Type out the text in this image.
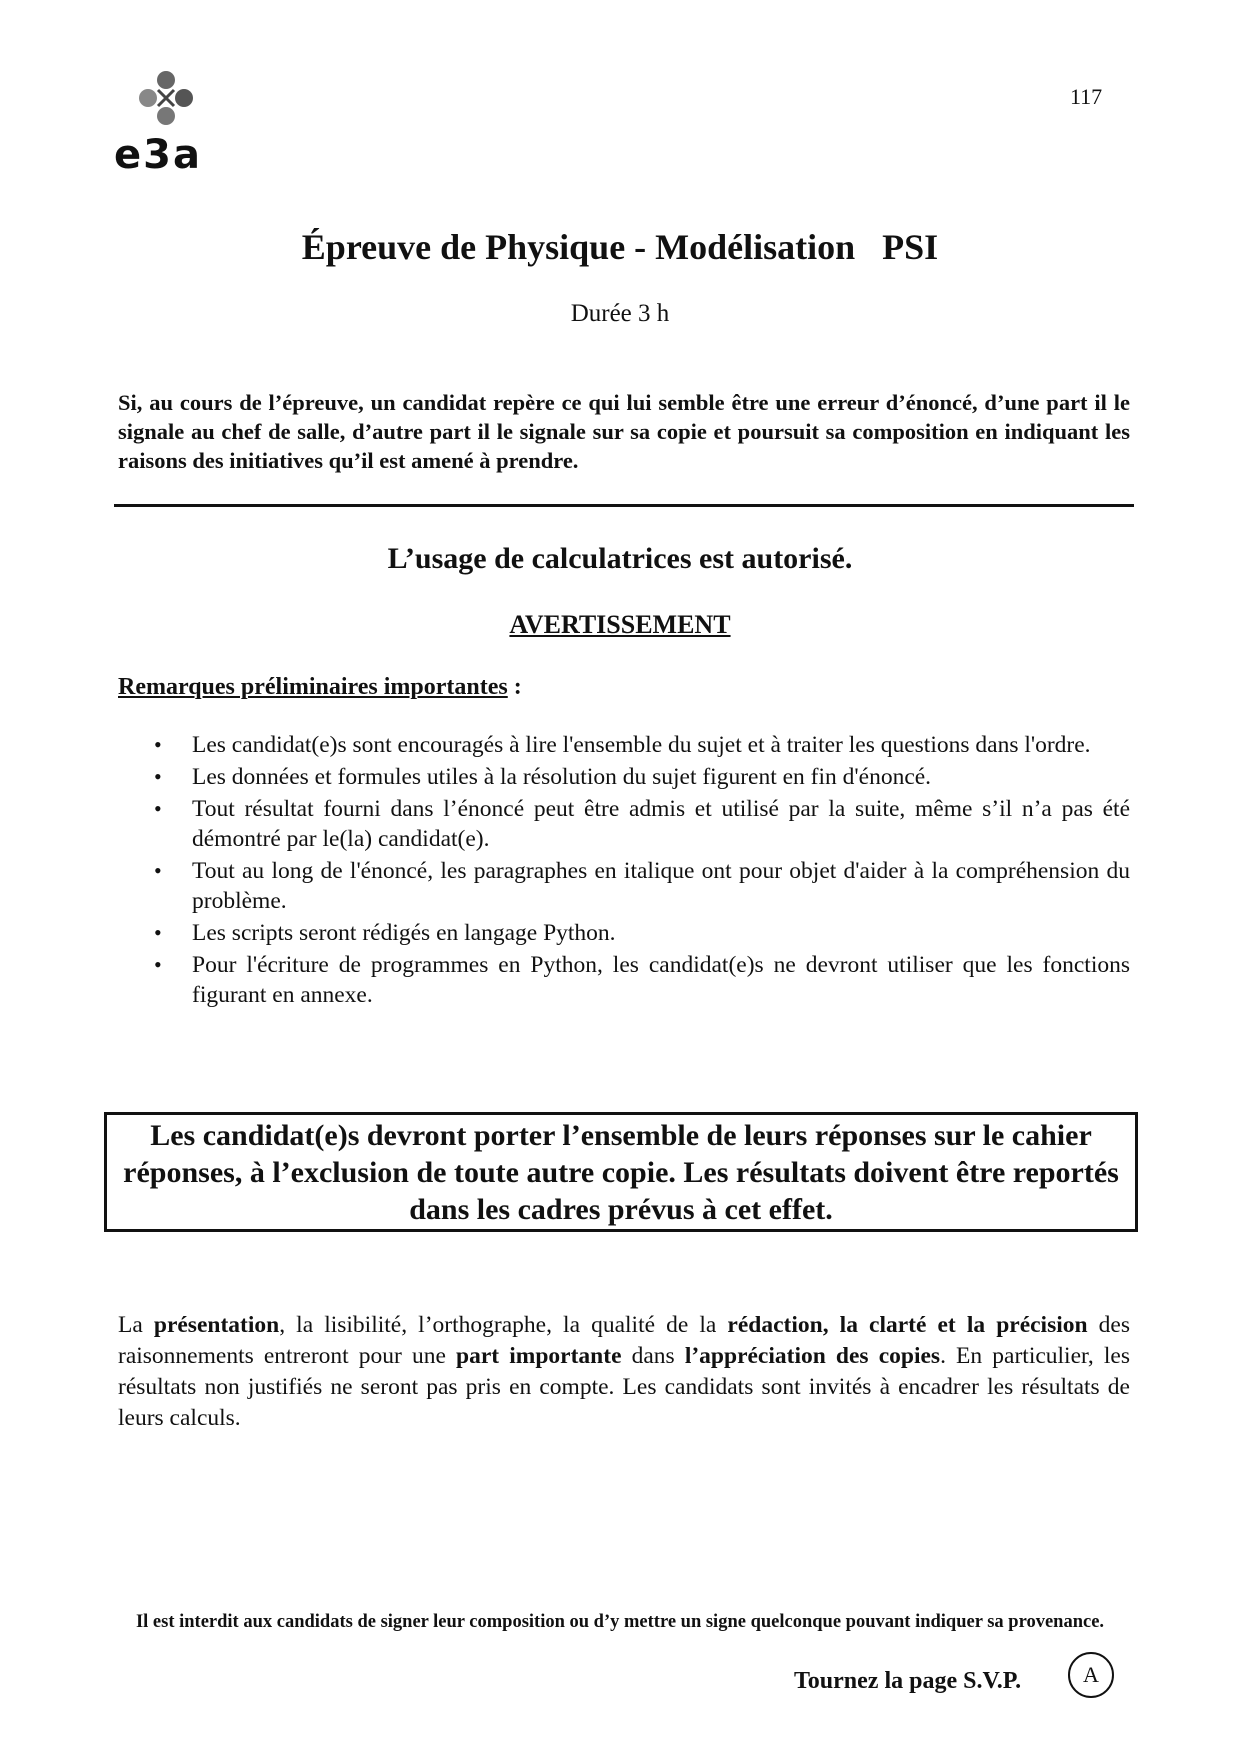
e3a
117
Épreuve de Physique - Modélisation   PSI
Durée 3 h
Si, au cours de l’épreuve, un candidat repère ce qui lui semble être une erreur d’énoncé, d’une part il le signale au chef de salle, d’autre part il le signale sur sa copie et poursuit sa composition en indiquant les raisons des initiatives qu’il est amené à prendre.
L’usage de calculatrices est autorisé.
AVERTISSEMENT
Remarques préliminaires importantes :
• Les candidat(e)s sont encouragés à lire l'ensemble du sujet et à traiter les questions dans l'ordre.
• Les données et formules utiles à la résolution du sujet figurent en fin d'énoncé.
• Tout résultat fourni dans l’énoncé peut être admis et utilisé par la suite, même s’il n’a pas été démontré par le(la) candidat(e).
• Tout au long de l'énoncé, les paragraphes en italique ont pour objet d'aider à la compréhension du problème.
• Les scripts seront rédigés en langage Python.
• Pour l'écriture de programmes en Python, les candidat(e)s ne devront utiliser que les fonctions figurant en annexe.
Les candidat(e)s devront porter l’ensemble de leurs réponses sur le cahier réponses, à l’exclusion de toute autre copie. Les résultats doivent être reportés dans les cadres prévus à cet effet.
La présentation, la lisibilité, l’orthographe, la qualité de la rédaction, la clarté et la précision des raisonnements entreront pour une part importante dans l’appréciation des copies. En particulier, les résultats non justifiés ne seront pas pris en compte. Les candidats sont invités à encadrer les résultats de leurs calculs.
Il est interdit aux candidats de signer leur composition ou d’y mettre un signe quelconque pouvant indiquer sa provenance.
Tournez la page S.V.P.	A
